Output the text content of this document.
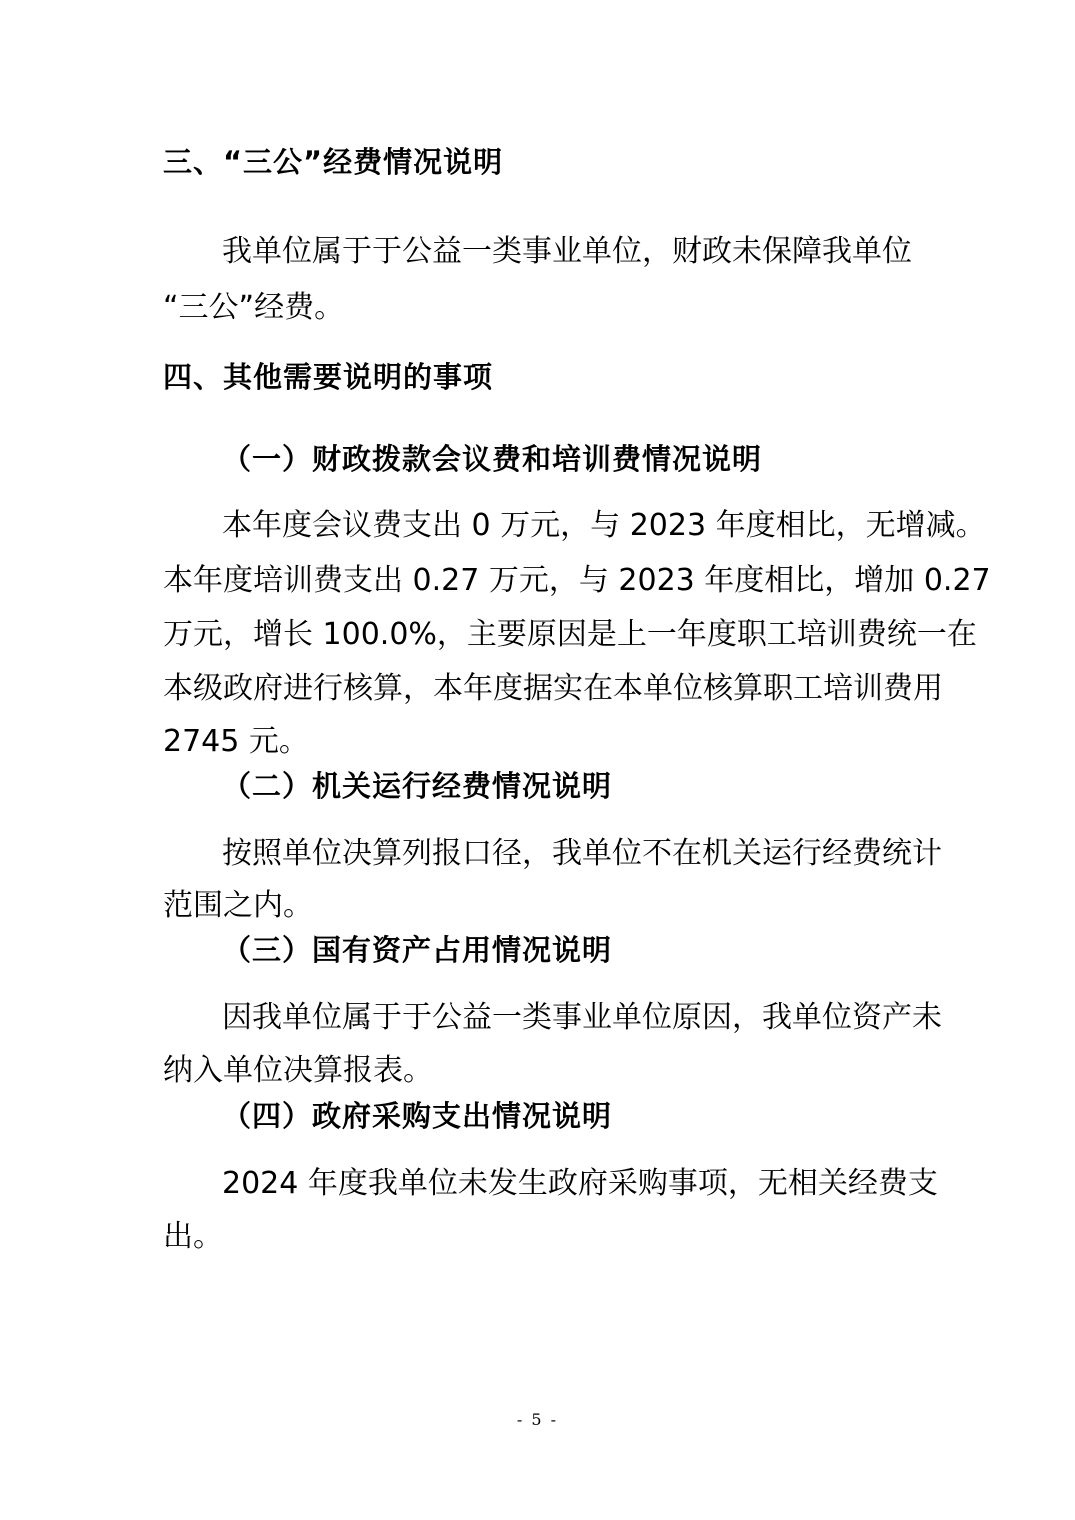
三、“三公”经费情况说明
我单位属于于公益一类事业单位，财政未保障我单位
“三公”经费。
四、其他需要说明的事项
（一）财政拨款会议费和培训费情况说明
本年度会议费支出 0 万元，与 2023 年度相比，无增减。
本年度培训费支出 0.27 万元，与 2023 年度相比，增加 0.27
万元，增长 100.0%，主要原因是上一年度职工培训费统一在
本级政府进行核算，本年度据实在本单位核算职工培训费用
2745 元。
（二）机关运行经费情况说明
按照单位决算列报口径，我单位不在机关运行经费统计
范围之内。
（三）国有资产占用情况说明
因我单位属于于公益一类事业单位原因，我单位资产未
纳入单位决算报表。
（四）政府采购支出情况说明
2024 年度我单位未发生政府采购事项，无相关经费支
出。
- 5 -
